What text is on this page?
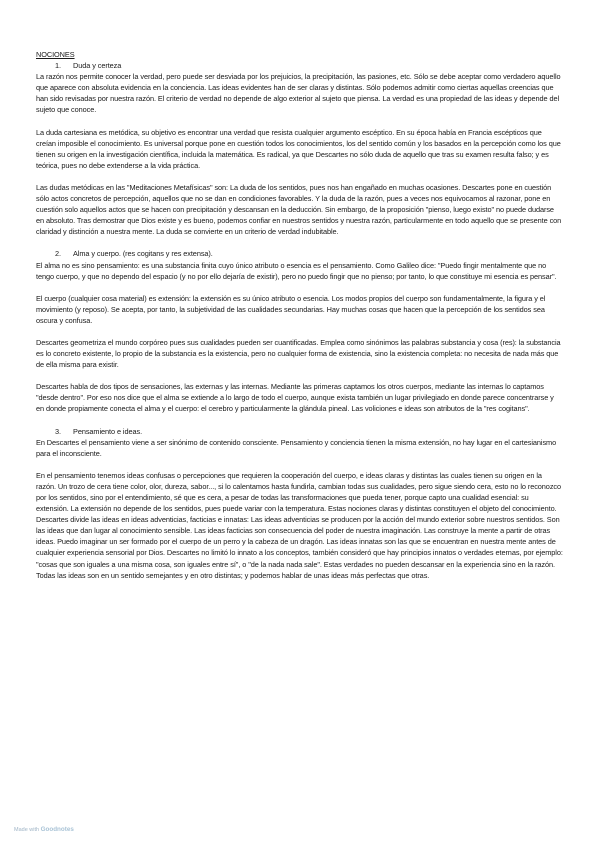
NOCIONES

1. Duda y certeza

La razón nos permite conocer la verdad, pero puede ser desviada por los prejuicios, la precipitación, las pasiones, etc. Sólo se debe aceptar como verdadero aquello que aparece con absoluta evidencia en la conciencia. Las ideas evidentes han de ser claras y distintas. Sólo podemos admitir como ciertas aquellas creencias que han sido revisadas por nuestra razón. El criterio de verdad no depende de algo exterior al sujeto que piensa. La verdad es una propiedad de las ideas y depende del sujeto que conoce.

La duda cartesiana es metódica, su objetivo es encontrar una verdad que resista cualquier argumento escéptico. En su época había en Francia escépticos que creían imposible el conocimiento. Es universal porque pone en cuestión todos los conocimientos, los del sentido común y los basados en la percepción como los que tienen su origen en la investigación científica, incluida la matemática. Es radical, ya que Descartes no sólo duda de aquello que tras su examen resulta falso; y es teórica, pues no debe extenderse a la vida práctica.

Las dudas metódicas en las "Meditaciones Metafísicas" son: La duda de los sentidos, pues nos han engañado en muchas ocasiones. Descartes pone en cuestión sólo actos concretos de percepción, aquellos que no se dan en condiciones favorables. Y la duda de la razón, pues a veces nos equivocamos al razonar, pone en cuestión solo aquellos actos que se hacen con precipitación y descansan en la deducción. Sin embargo, de la proposición "pienso, luego existo" no puede dudarse en absoluto. Tras demostrar que Dios existe y es bueno, podemos confiar en nuestros sentidos y nuestra razón, particularmente en todo aquello que se presente con claridad y distinción a nuestra mente. La duda se convierte en un criterio de verdad indubitable.

2. Alma y cuerpo. (res cogitans y res extensa).

El alma no es sino pensamiento: es una substancia finita cuyo único atributo o esencia es el pensamiento. Como Galileo dice: "Puedo fingir mentalmente que no tengo cuerpo, y que no dependo del espacio (y no por ello dejaría de existir), pero no puedo fingir que no pienso; por tanto, lo que constituye mi esencia es pensar".

El cuerpo (cualquier cosa material) es extensión: la extensión es su único atributo o esencia. Los modos propios del cuerpo son fundamentalmente, la figura y el movimiento (y reposo). Se acepta, por tanto, la subjetividad de las cualidades secundarias. Hay muchas cosas que hacen que la percepción de los sentidos sea oscura y confusa.

Descartes geometriza el mundo corpóreo pues sus cualidades pueden ser cuantificadas. Emplea como sinónimos las palabras substancia y cosa (res): la substancia es lo concreto existente, lo propio de la substancia es la existencia, pero no cualquier forma de existencia, sino la existencia completa: no necesita de nada más que de ella misma para existir.

Descartes habla de dos tipos de sensaciones, las externas y las internas. Mediante las primeras captamos los otros cuerpos, mediante las internas lo captamos "desde dentro". Por eso nos dice que el alma se extiende a lo largo de todo el cuerpo, aunque exista también un lugar privilegiado en donde parece concentrarse y en donde propiamente conecta el alma y el cuerpo: el cerebro y particularmente la glándula pineal. Las voliciones e ideas son atributos de la "res cogitans".

3. Pensamiento e ideas.

En Descartes el pensamiento viene a ser sinónimo de contenido consciente. Pensamiento y conciencia tienen la misma extensión, no hay lugar en el cartesianismo para el inconsciente.

En el pensamiento tenemos ideas confusas o percepciones que requieren la cooperación del cuerpo, e ideas claras y distintas las cuales tienen su origen en la razón. Un trozo de cera tiene color, olor, dureza, sabor..., si lo calentamos hasta fundirla, cambian todas sus cualidades, pero sigue siendo cera, esto no lo reconozco por los sentidos, sino por el entendimiento, sé que es cera, a pesar de todas las transformaciones que pueda tener, porque capto una cualidad esencial: su extensión. La extensión no depende de los sentidos, pues puede variar con la temperatura. Estas nociones claras y distintas constituyen el objeto del conocimiento. Descartes divide las ideas en ideas adventicias, facticias e innatas: Las ideas adventicias se producen por la acción del mundo exterior sobre nuestros sentidos. Son las ideas que dan lugar al conocimiento sensible. Las ideas facticias son consecuencia del poder de nuestra imaginación. Las construye la mente a partir de otras ideas. Puedo imaginar un ser formado por el cuerpo de un perro y la cabeza de un dragón. Las ideas innatas son las que se encuentran en nuestra mente antes de cualquier experiencia sensorial por Dios. Descartes no limitó lo innato a los conceptos, también consideró que hay principios innatos o verdades eternas, por ejemplo: "cosas que son iguales a una misma cosa, son iguales entre sí", o "de la nada nada sale". Estas verdades no pueden descansar en la experiencia sino en la razón. Todas las ideas son en un sentido semejantes y en otro distintas; y podemos hablar de unas ideas más perfectas que otras.

Made with Goodnotes
